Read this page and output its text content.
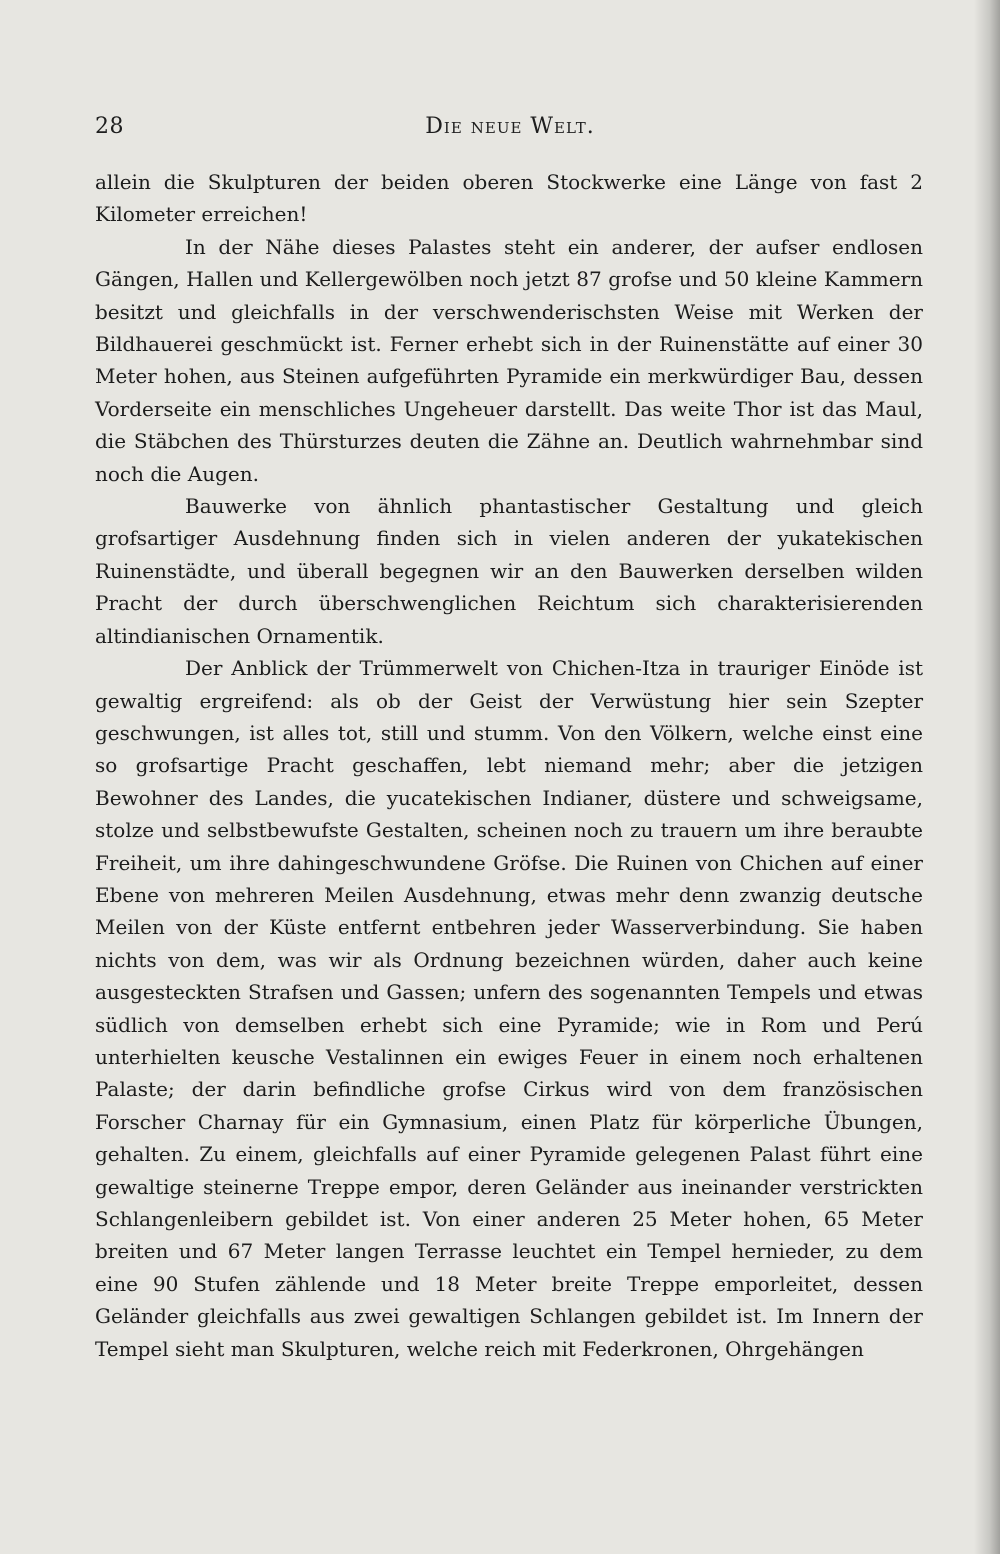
28	Die neue Welt.

allein die Skulpturen der beiden oberen Stockwerke eine Länge von fast 2 Kilometer erreichen!

In der Nähe dieses Palastes steht ein anderer, der aufser endlosen Gängen, Hallen und Kellergewölben noch jetzt 87 grofse und 50 kleine Kammern besitzt und gleichfalls in der verschwenderischsten Weise mit Werken der Bildhauerei geschmückt ist. Ferner erhebt sich in der Ruinenstätte auf einer 30 Meter hohen, aus Steinen aufgeführten Pyramide ein merkwürdiger Bau, dessen Vorderseite ein menschliches Ungeheuer darstellt. Das weite Thor ist das Maul, die Stäbchen des Thürsturzes deuten die Zähne an. Deutlich wahrnehmbar sind noch die Augen.

Bauwerke von ähnlich phantastischer Gestaltung und gleich grofsartiger Ausdehnung finden sich in vielen anderen der yukatekischen Ruinenstädte, und überall begegnen wir an den Bauwerken derselben wilden Pracht der durch überschwenglichen Reichtum sich charakterisierenden altindianischen Ornamentik.

Der Anblick der Trümmerwelt von Chichen-Itza in trauriger Einöde ist gewaltig ergreifend: als ob der Geist der Verwüstung hier sein Szepter geschwungen, ist alles tot, still und stumm. Von den Völkern, welche einst eine so grofsartige Pracht geschaffen, lebt niemand mehr; aber die jetzigen Bewohner des Landes, die yucatekischen Indianer, düstere und schweigsame, stolze und selbstbewufste Gestalten, scheinen noch zu trauern um ihre beraubte Freiheit, um ihre dahingeschwundene Gröfse. Die Ruinen von Chichen auf einer Ebene von mehreren Meilen Ausdehnung, etwas mehr denn zwanzig deutsche Meilen von der Küste entfernt entbehren jeder Wasserverbindung. Sie haben nichts von dem, was wir als Ordnung bezeichnen würden, daher auch keine ausgesteckten Strafsen und Gassen; unfern des sogenannten Tempels und etwas südlich von demselben erhebt sich eine Pyramide; wie in Rom und Perú unterhielten keusche Vestalinnen ein ewiges Feuer in einem noch erhaltenen Palaste; der darin befindliche grofse Cirkus wird von dem französischen Forscher Charnay für ein Gymnasium, einen Platz für körperliche Übungen, gehalten. Zu einem, gleichfalls auf einer Pyramide gelegenen Palast führt eine gewaltige steinerne Treppe empor, deren Geländer aus ineinander verstrickten Schlangenleibern gebildet ist. Von einer anderen 25 Meter hohen, 65 Meter breiten und 67 Meter langen Terrasse leuchtet ein Tempel hernieder, zu dem eine 90 Stufen zählende und 18 Meter breite Treppe emporleitet, dessen Geländer gleichfalls aus zwei gewaltigen Schlangen gebildet ist. Im Innern der Tempel sieht man Skulpturen, welche reich mit Federkronen, Ohrgehängen
